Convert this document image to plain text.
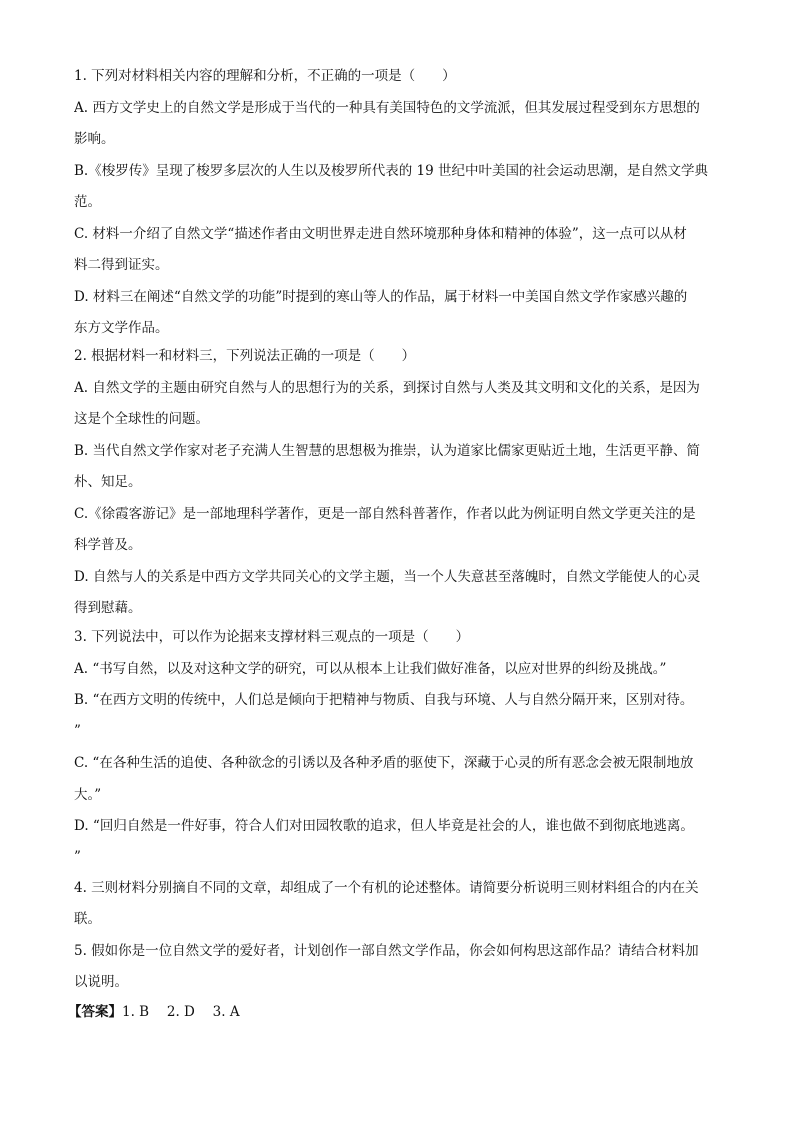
1. 下列对材料相关内容的理解和分析，不正确的一项是（　　）
A. 西方文学史上的自然文学是形成于当代的一种具有美国特色的文学流派，但其发展过程受到东方思想的
影响。
B.《梭罗传》呈现了梭罗多层次的人生以及梭罗所代表的 19 世纪中叶美国的社会运动思潮，是自然文学典
范。
C. 材料一介绍了自然文学“描述作者由文明世界走进自然环境那种身体和精神的体验”，这一点可以从材
料二得到证实。
D. 材料三在阐述“自然文学的功能”时提到的寒山等人的作品，属于材料一中美国自然文学作家感兴趣的
东方文学作品。
2. 根据材料一和材料三，下列说法正确的一项是（　　）
A. 自然文学的主题由研究自然与人的思想行为的关系，到探讨自然与人类及其文明和文化的关系，是因为
这是个全球性的问题。
B. 当代自然文学作家对老子充满人生智慧的思想极为推崇，认为道家比儒家更贴近土地，生活更平静、简
朴、知足。
C.《徐霞客游记》是一部地理科学著作，更是一部自然科普著作，作者以此为例证明自然文学更关注的是
科学普及。
D. 自然与人的关系是中西方文学共同关心的文学主题，当一个人失意甚至落魄时，自然文学能使人的心灵
得到慰藉。
3. 下列说法中，可以作为论据来支撑材料三观点的一项是（　　）
A. “书写自然，以及对这种文学的研究，可以从根本上让我们做好准备，以应对世界的纠纷及挑战。”
B. “在西方文明的传统中，人们总是倾向于把精神与物质、自我与环境、人与自然分隔开来，区别对待。
”
C. “在各种生活的追使、各种欲念的引诱以及各种矛盾的驱使下，深藏于心灵的所有恶念会被无限制地放
大。”
D. “回归自然是一件好事，符合人们对田园牧歌的追求，但人毕竟是社会的人，谁也做不到彻底地逃离。
”
4. 三则材料分别摘自不同的文章，却组成了一个有机的论述整体。请简要分析说明三则材料组合的内在关
联。
5. 假如你是一位自然文学的爱好者，计划创作一部自然文学作品，你会如何构思这部作品？请结合材料加
以说明。
【答案】1. B　 2. D　 3. A
